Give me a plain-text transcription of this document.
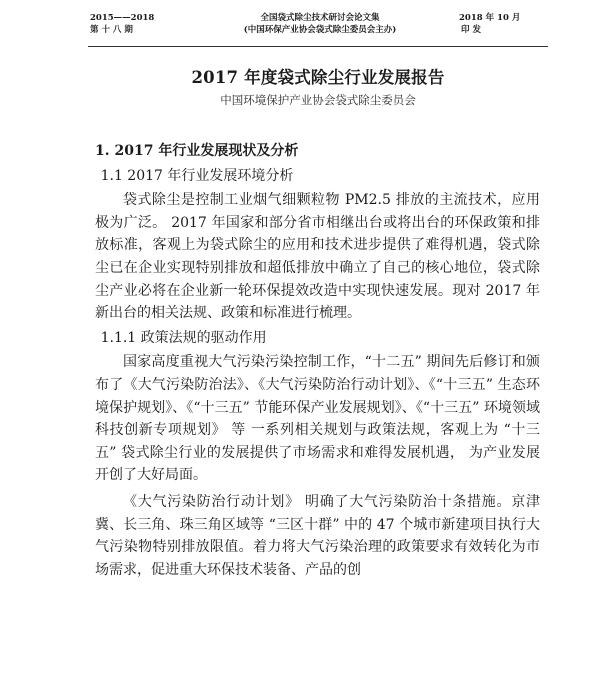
2015——2018
第 十 八 期
全国袋式除尘技术研讨会论文集
(中国环保产业协会袋式除尘委员会主办)
2018 年 10 月
印 发
2017 年度袋式除尘行业发展报告
中国环境保护产业协会袋式除尘委员会

1. 2017 年行业发展现状及分析

1.1 2017 年行业发展环境分析

袋式除尘是控制工业烟气细颗粒物 PM2.5 排放的主流技术，应用极为广泛。 2017 年国家和部分省市相继出台或将出台的环保政策和排放标准，客观上为袋式除尘的应用和技术进步提供了难得机遇，袋式除尘已在企业实现特别排放和超低排放中确立了自己的核心地位，袋式除尘产业必将在企业新一轮环保提效改造中实现快速发展。现对 2017 年新出台的相关法规、政策和标准进行梳理。

1.1.1 政策法规的驱动作用

国家高度重视大气污染污染控制工作，“十二五” 期间先后修订和颁布了《大气污染防治法》、《大气污染防治行动计划》、《“十三五” 生态环境保护规划》、《“十三五” 节能环保产业发展规划》、《“十三五” 环境领域科技创新专项规划》 等 一系列相关规划与政策法规，客观上为 “十三五” 袋式除尘行业的发展提供了市场需求和难得发展机遇， 为产业发展开创了大好局面。

《大气污染防治行动计划》 明确了大气污染防治十条措施。京津冀、长三角、珠三角区域等 “三区十群” 中的 47 个城市新建项目执行大气污染物特别排放限值。着力将大气污染治理的政策要求有效转化为市场需求，促进重大环保技术装备、产品的创
